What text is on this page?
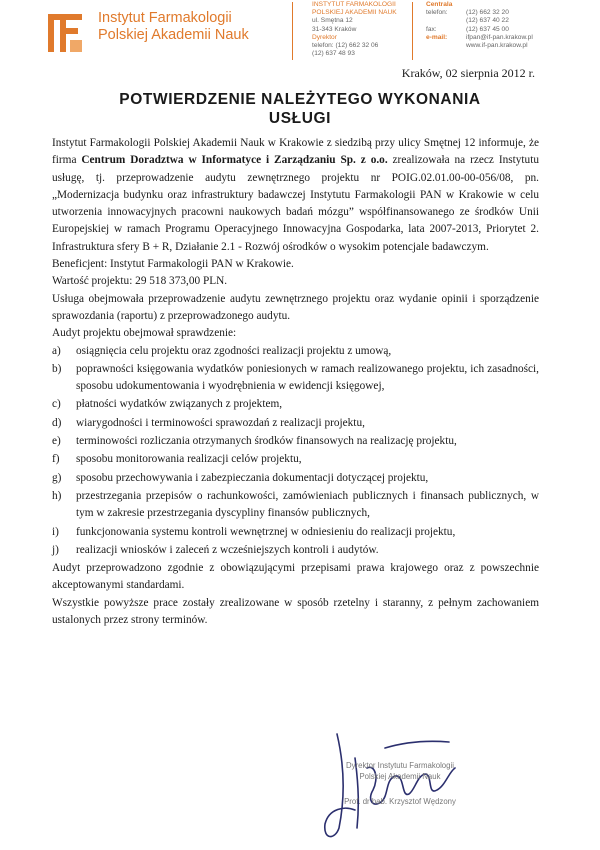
Instytut Farmakologii
Polskiej Akademii Nauk
INSTYTUT FARMAKOLOGII
POLSKIEJ AKADEMII NAUK
ul. Smętna 12
31-343 Kraków
Dyrektor
telefon: (12) 662 32 06
(12) 637 48 93
Centrala
telefon:	(12) 662 32 20
(12) 637 40 22
fax:	(12) 637 45 00
e-mail:	ifpan@if-pan.krakow.pl
www.if-pan.krakow.pl
Kraków, 02 sierpnia 2012 r.
POTWIERDZENIE NALEŻYTEGO WYKONANIA
USŁUGI

Instytut Farmakologii Polskiej Akademii Nauk w Krakowie z siedzibą przy ulicy Smętnej 12 informuje, że firma Centrum Doradztwa w Informatyce i Zarządzaniu Sp. z o.o. zrealizowała na rzecz Instytutu usługę, tj. przeprowadzenie audytu zewnętrznego projektu nr POIG.02.01.00-00-056/08, pn. „Modernizacja budynku oraz infrastruktury badawczej Instytutu Farmakologii PAN w Krakowie w celu utworzenia innowacyjnych pracowni naukowych badań mózgu” współfinansowanego ze środków Unii Europejskiej w ramach Programu Operacyjnego Innowacyjna Gospodarka, lata 2007-2013, Priorytet 2. Infrastruktura sfery B + R, Działanie 2.1 - Rozwój ośrodków o wysokim potencjale badawczym.

Beneficjent: Instytut Farmakologii PAN w Krakowie.

Wartość projektu: 29 518 373,00 PLN.

Usługa obejmowała przeprowadzenie audytu zewnętrznego projektu oraz wydanie opinii i sporządzenie sprawozdania (raportu) z przeprowadzonego audytu.

Audyt projektu obejmował sprawdzenie:

a)	osiągnięcia celu projektu oraz zgodności realizacji projektu z umową,
b)	poprawności księgowania wydatków poniesionych w ramach realizowanego projektu, ich zasadności, sposobu udokumentowania i wyodrębnienia w ewidencji księgowej,
c)	płatności wydatków związanych z projektem,
d)	wiarygodności i terminowości sprawozdań z realizacji projektu,
e)	terminowości rozliczania otrzymanych środków finansowych na realizację projektu,
f)	sposobu monitorowania realizacji celów projektu,
g)	sposobu przechowywania i zabezpieczania dokumentacji dotyczącej projektu,
h)	przestrzegania przepisów o rachunkowości, zamówieniach publicznych i finansach publicznych, w tym w zakresie przestrzegania dyscypliny finansów publicznych,
i)	funkcjonowania systemu kontroli wewnętrznej w odniesieniu do realizacji projektu,
j)	realizacji wniosków i zaleceń z wcześniejszych kontroli i audytów.

Audyt przeprowadzono zgodnie z obowiązującymi przepisami prawa krajowego oraz z powszechnie akceptowanymi standardami.

Wszystkie powyższe prace zostały zrealizowane w sposób rzetelny i staranny, z pełnym zachowaniem ustalonych przez strony terminów.

Dyrektor Instytutu Farmakologii
Polskiej Akademii Nauk
Prof. dr hab. Krzysztof Wędzony
